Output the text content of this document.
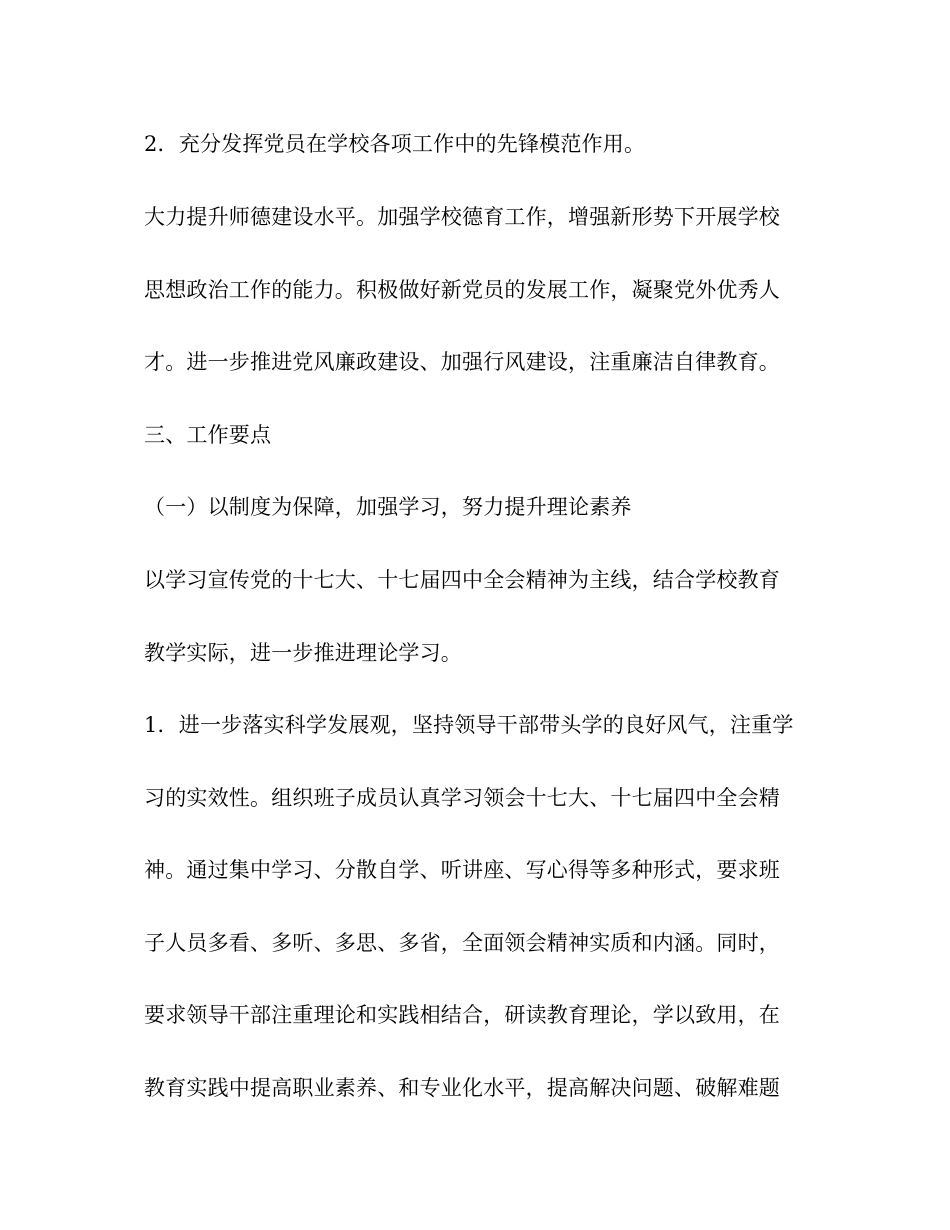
2．充分发挥党员在学校各项工作中的先锋模范作用。
大力提升师德建设水平。加强学校德育工作，增强新形势下开展学校
思想政治工作的能力。积极做好新党员的发展工作，凝聚党外优秀人
才。进一步推进党风廉政建设、加强行风建设，注重廉洁自律教育。
三、工作要点
（一）以制度为保障，加强学习，努力提升理论素养
以学习宣传党的十七大、十七届四中全会精神为主线，结合学校教育
教学实际，进一步推进理论学习。
1．进一步落实科学发展观，坚持领导干部带头学的良好风气，注重学
习的实效性。组织班子成员认真学习领会十七大、十七届四中全会精
神。通过集中学习、分散自学、听讲座、写心得等多种形式，要求班
子人员多看、多听、多思、多省，全面领会精神实质和内涵。同时，
要求领导干部注重理论和实践相结合，研读教育理论，学以致用，在
教育实践中提高职业素养、和专业化水平，提高解决问题、破解难题
